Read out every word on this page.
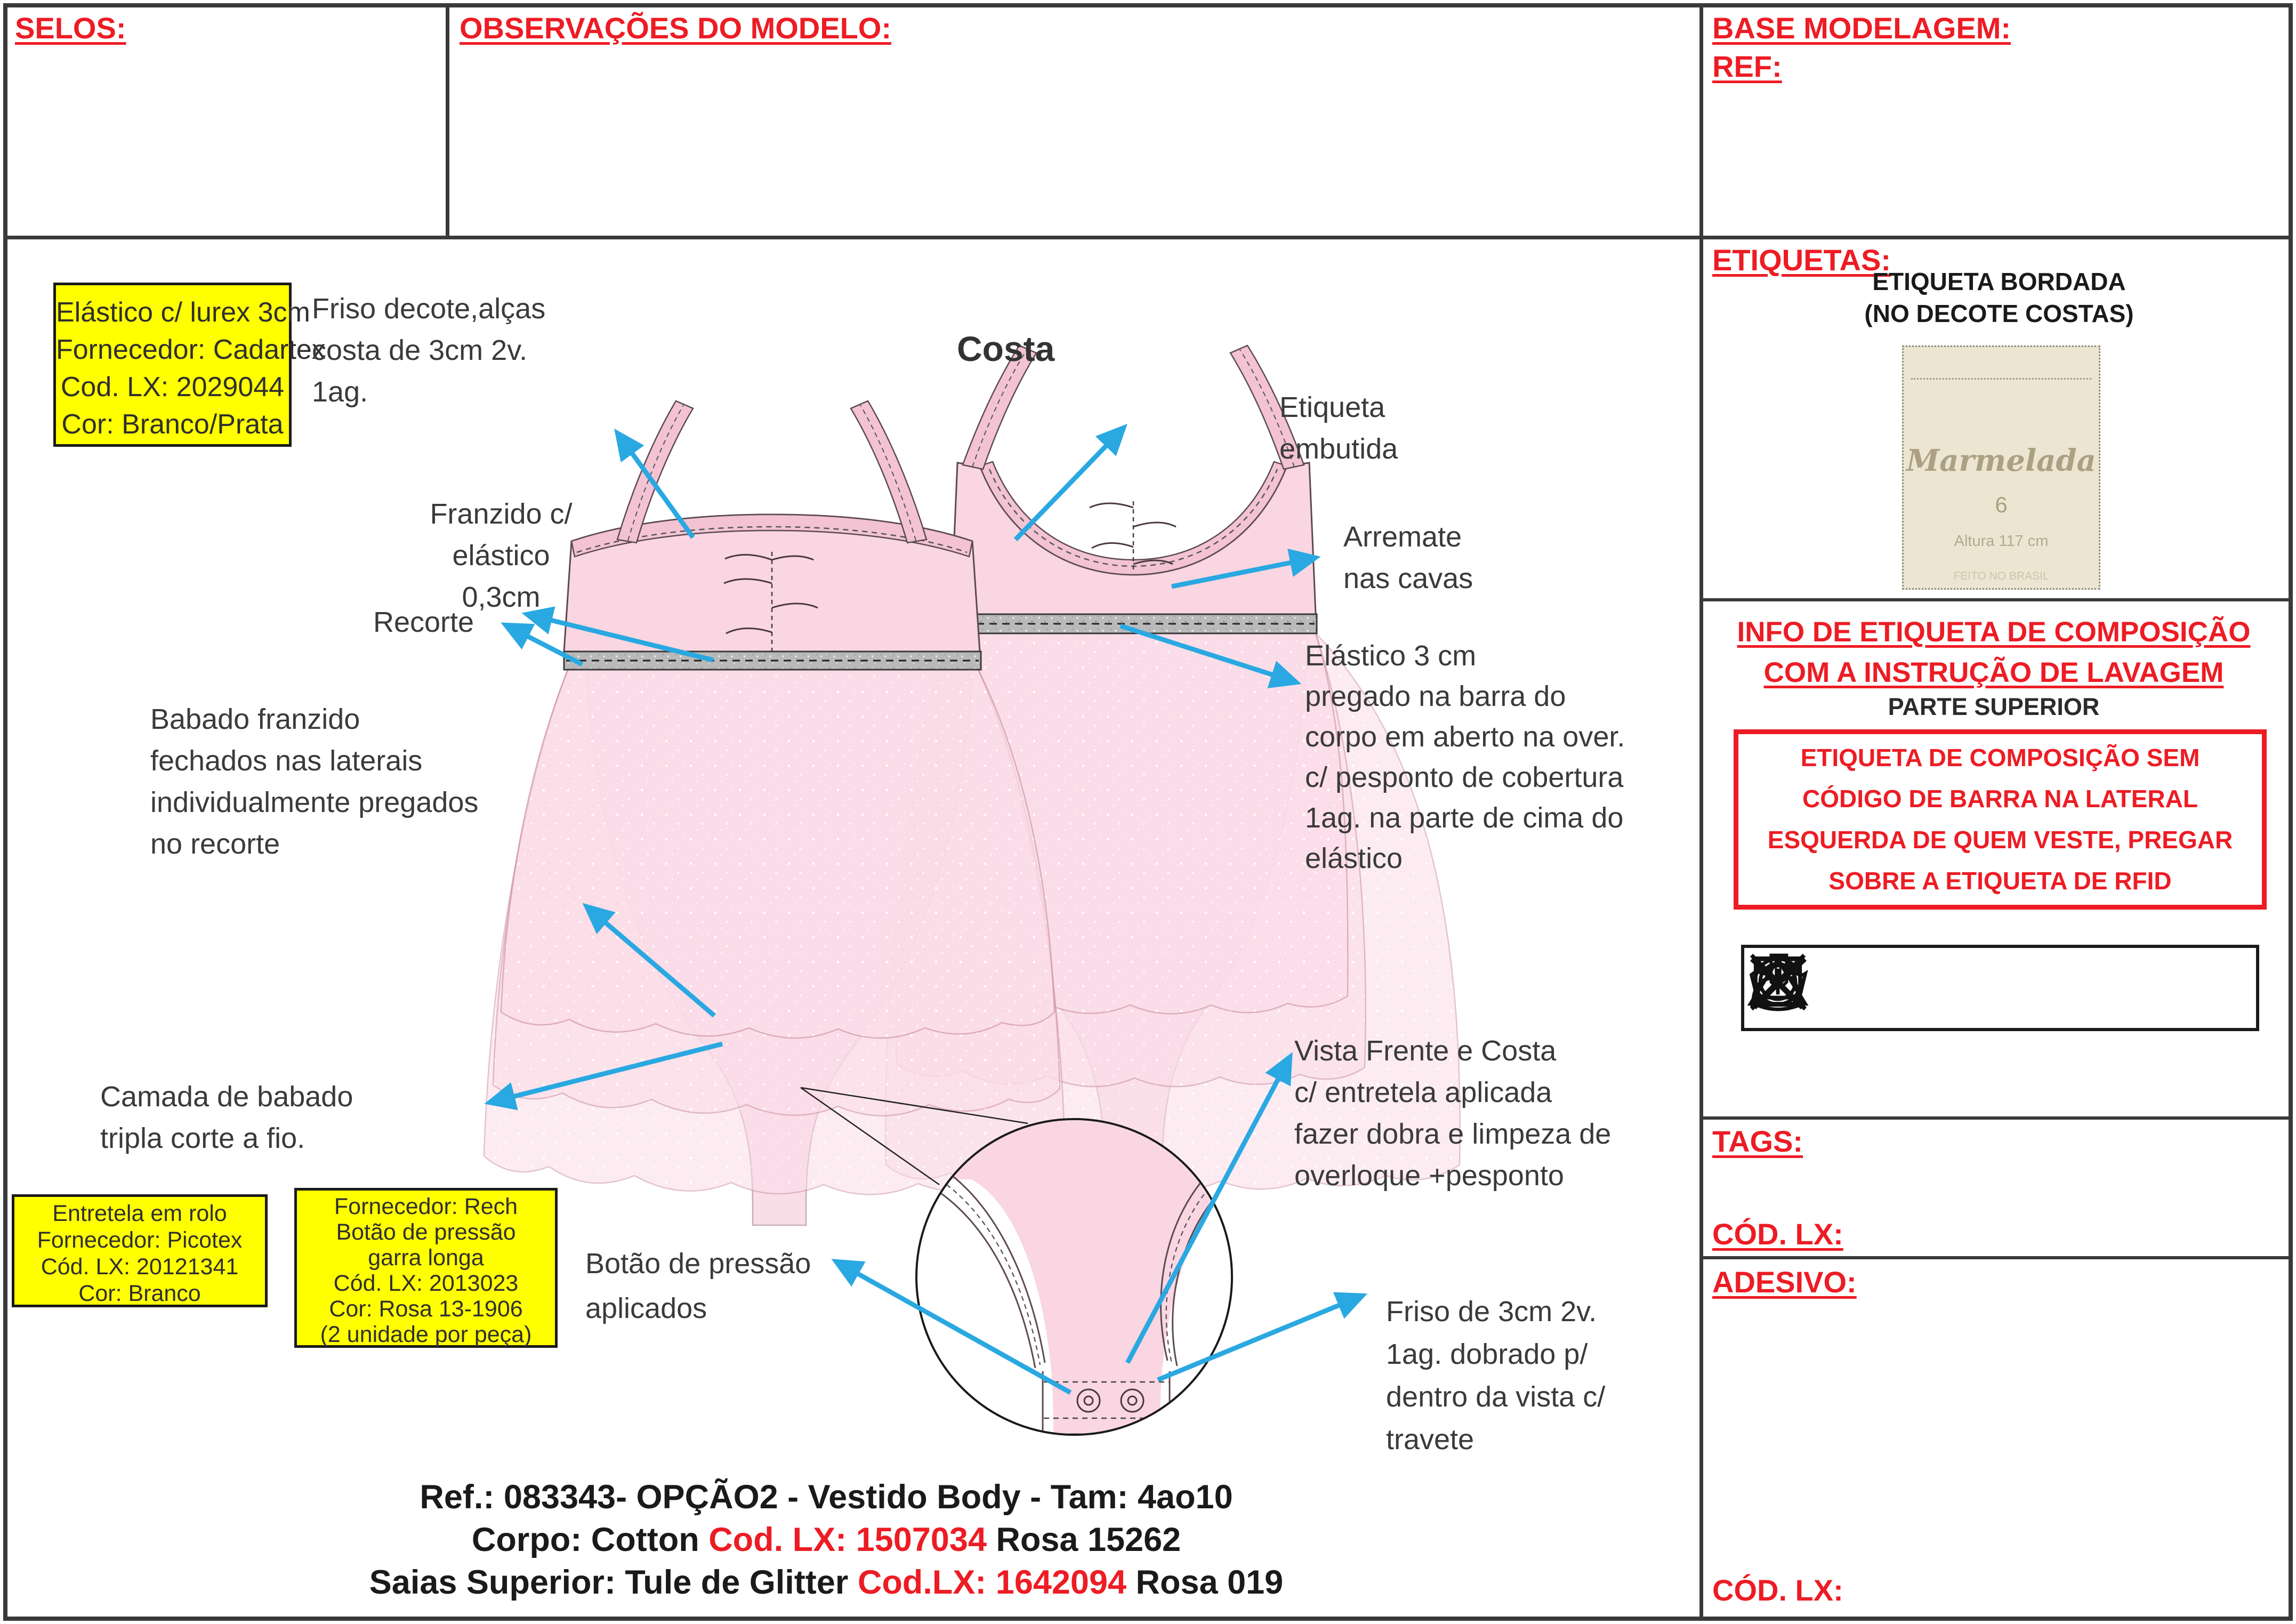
SELOS:	OBSERVAÇÕES DO MODELO:	BASE MODELAGEM:
REF:
Elástico c/ lurex 3cm
Fornecedor: Cadartex
Cod. LX: 2029044
Cor: Branco/Prata
Entretela em rolo
Fornecedor: Picotex
Cód. LX: 20121341
Cor: Branco
Fornecedor: Rech
Botão de pressão
garra longa
Cód. LX: 2013023
Cor: Rosa 13-1906
(2 unidade por peça)
Costa
Friso decote,alças
costa de 3cm 2v.
1ag.
Franzido c/
elástico
0,3cm
Recorte
Babado franzido
fechados nas laterais
individualmente pregados
no recorte
Camada de babado
tripla corte a fio.
Etiqueta
embutida
Arremate
nas cavas
Elástico 3 cm
pregado na barra do
corpo em aberto na over.
c/ pesponto de cobertura
1ag. na parte de cima do
elástico
Vista Frente e Costa
c/ entretela aplicada
fazer dobra e limpeza de
overloque +pesponto
Botão de pressão
aplicados	Friso de 3cm 2v.
1ag. dobrado p/
dentro da vista c/
travete
ETIQUETAS:
ETIQUETA BORDADA
(NO DECOTE COSTAS)
Marmelada
6
Altura 117 cm
FEITO NO BRASIL
INFO DE ETIQUETA DE COMPOSIÇÃO
COM A INSTRUÇÃO DE LAVAGEM
PARTE SUPERIOR
ETIQUETA DE COMPOSIÇÃO SEM
CÓDIGO DE BARRA NA LATERAL
ESQUERDA DE QUEM VESTE, PREGAR
SOBRE A ETIQUETA DE RFID
TAGS:
CÓD. LX:
ADESIVO:
CÓD. LX:
Ref.: 083343- OPÇÃO2 - Vestido Body - Tam: 4ao10
Corpo: Cotton Cod. LX: 1507034 Rosa 15262
Saias Superior: Tule de Glitter Cod.LX: 1642094 Rosa 019
